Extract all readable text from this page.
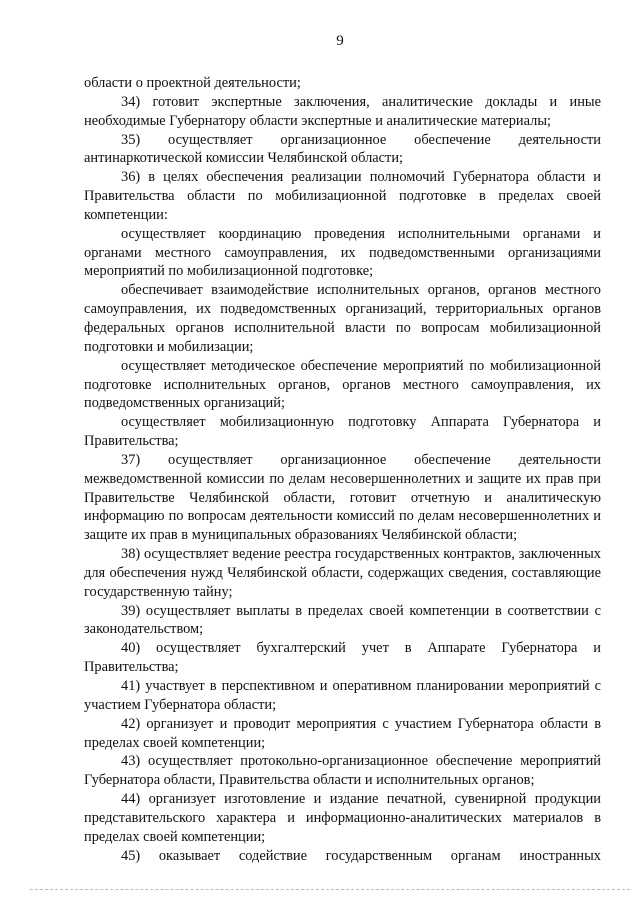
9

области о проектной деятельности;

34) готовит экспертные заключения, аналитические доклады и иные необходимые Губернатору области экспертные и аналитические материалы;

35) осуществляет организационное обеспечение деятельности антинаркотической комиссии Челябинской области;

36) в целях обеспечения реализации полномочий Губернатора области и Правительства области по мобилизационной подготовке в пределах своей компетенции:

осуществляет координацию проведения исполнительными органами и органами местного самоуправления, их подведомственными организациями мероприятий по мобилизационной подготовке;

обеспечивает взаимодействие исполнительных органов, органов местного самоуправления, их подведомственных организаций, территориальных органов федеральных органов исполнительной власти по вопросам мобилизационной подготовки и мобилизации;

осуществляет методическое обеспечение мероприятий по мобилизационной подготовке исполнительных органов, органов местного самоуправления, их подведомственных организаций;

осуществляет мобилизационную подготовку Аппарата Губернатора и Правительства;

37) осуществляет организационное обеспечение деятельности межведомственной комиссии по делам несовершеннолетних и защите их прав при Правительстве Челябинской области, готовит отчетную и аналитическую информацию по вопросам деятельности комиссий по делам несовершеннолетних и защите их прав в муниципальных образованиях Челябинской области;

38) осуществляет ведение реестра государственных контрактов, заключенных для обеспечения нужд Челябинской области, содержащих сведения, составляющие государственную тайну;

39) осуществляет выплаты в пределах своей компетенции в соответствии с законодательством;

40) осуществляет бухгалтерский учет в Аппарате Губернатора и Правительства;

41) участвует в перспективном и оперативном планировании мероприятий с участием Губернатора области;

42) организует и проводит мероприятия с участием Губернатора области в пределах своей компетенции;

43) осуществляет протокольно-организационное обеспечение мероприятий Губернатора области, Правительства области и исполнительных органов;

44) организует изготовление и издание печатной, сувенирной продукции представительского характера и информационно-аналитических материалов в пределах своей компетенции;

45) оказывает содействие государственным органам иностранных
